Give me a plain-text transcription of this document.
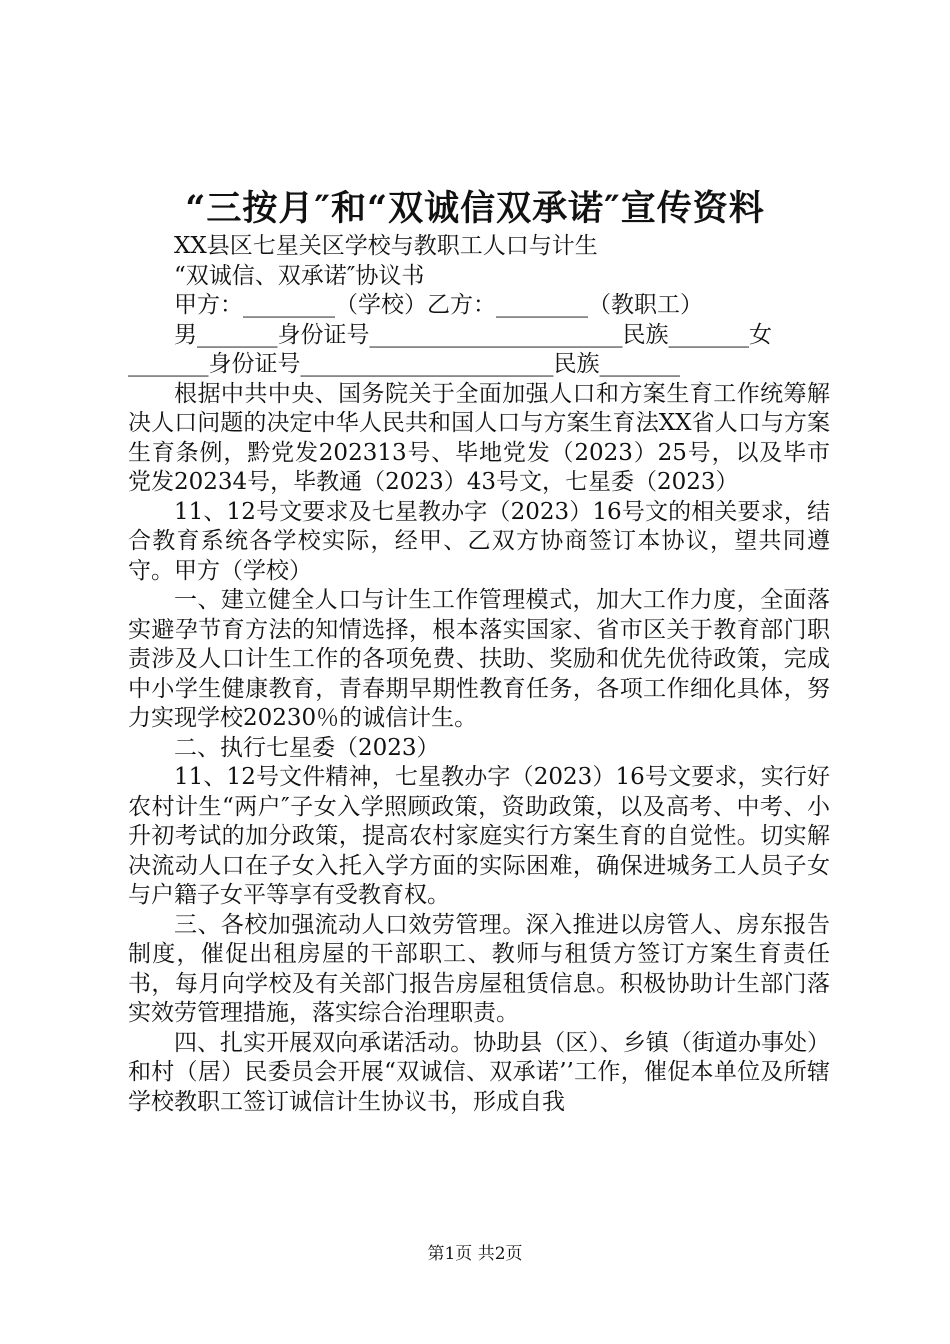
“三按月″和“双诚信双承诺″宣传资料
XX县区七星关区学校与教职工人口与计生
“双诚信、双承诺″协议书
甲方：________（学校）乙方：________（教职工）
男_______身份证号______________________民族_______女
_______身份证号______________________民族_______

根据中共中央、国务院关于全面加强人口和方案生育工作统筹解决人口问题的决定中华人民共和国人口与方案生育法XX省人口与方案生育条例，黔党发202313号、毕地党发（2023）25号，以及毕市党发20234号，毕教通（2023）43号文，七星委（2023）

11、12号文要求及七星教办字（2023）16号文的相关要求，结合教育系统各学校实际，经甲、乙双方协商签订本协议，望共同遵守。甲方（学校）

一、建立健全人口与计生工作管理模式，加大工作力度，全面落实避孕节育方法的知情选择，根本落实国家、省市区关于教育部门职责涉及人口计生工作的各项免费、扶助、奖励和优先优待政策，完成中小学生健康教育，青春期早期性教育任务，各项工作细化具体，努力实现学校20230％的诚信计生。

二、执行七星委（2023）

11、12号文件精神，七星教办字（2023）16号文要求，实行好农村计生“两户″子女入学照顾政策，资助政策，以及高考、中考、小升初考试的加分政策，提高农村家庭实行方案生育的自觉性。切实解决流动人口在子女入托入学方面的实际困难，确保进城务工人员子女与户籍子女平等享有受教育权。

三、各校加强流动人口效劳管理。深入推进以房管人、房东报告制度，催促出租房屋的干部职工、教师与租赁方签订方案生育责任书，每月向学校及有关部门报告房屋租赁信息。积极协助计生部门落实效劳管理措施，落实综合治理职责。

四、扎实开展双向承诺活动。协助县（区）、乡镇（街道办事处）和村（居）民委员会开展“双诚信、双承诺’’工作，催促本单位及所辖学校教职工签订诚信计生协议书，形成自我

第1页 共2页
